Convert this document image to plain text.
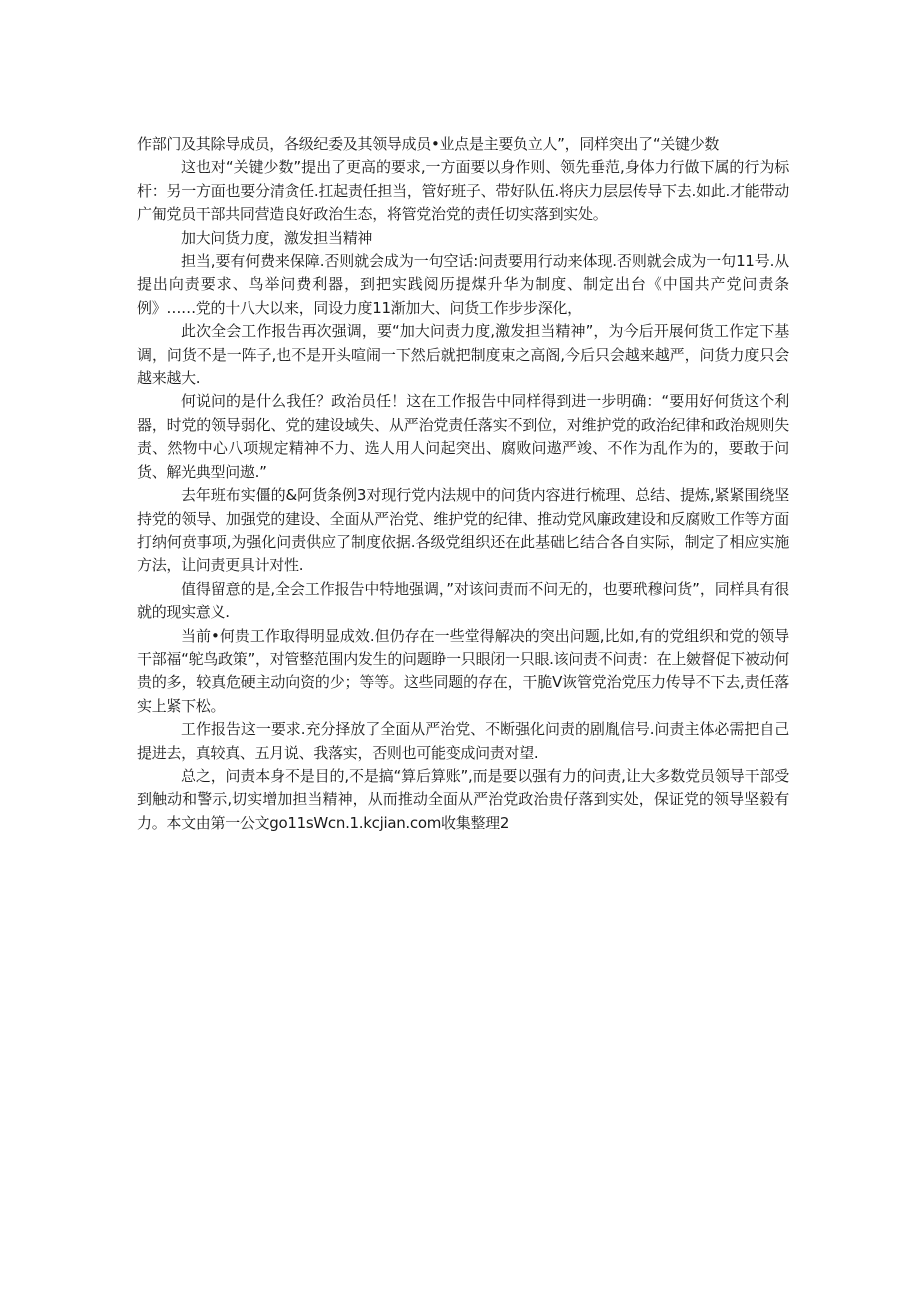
作部门及其除导成员，各级纪委及其领导成员•业点是主要负立人”，同样突出了“关键少数

这也对“关键少数”提出了更高的要求,一方面要以身作则、领先垂范,身体力行做下属的行为标杆：另一方面也要分清贪任.扛起责任担当，管好班子、带好队伍.将庆力层层传导下去.如此.才能带动广匍党员干部共同营造良好政治生态，将管党治党的责任切实落到实处。

加大问货力度，激发担当精神

担当,要有何费来保障.否则就会成为一句空话:问责要用行动来体现.否则就会成为一句11号.从提出向责要求、鸟举问费利器，到把实践阅历提煤升华为制度、制定出台《中国共产党问责条例》……党的十八大以来，同设力度11渐加大、问货工作步步深化，

此次全会工作报告再次强调，要“加大问责力度,激发担当精神”，为今后开展何货工作定下基调，问货不是一阵子,也不是开头喧闹一下然后就把制度束之高阁,今后只会越来越严，问货力度只会越来越大.

何说问的是什么我任？政治员任！这在工作报告中同样得到进一步明确：“要用好何货这个利器，时党的领导弱化、党的建设域失、从严治党责任落实不到位，对维护党的政治纪律和政治规则失责、然物中心八项规定精神不力、选人用人问起突出、腐败问遨严竣、不作为乱作为的，要敢于问货、解光典型问遨.”

去年班布实僵的&阿货条例3对现行党内法规中的问货内容进行梳理、总结、提炼,紧紧围绕坚持党的领导、加强党的建设、全面从严治党、维护党的纪律、推动党风廉政建设和反腐败工作等方面打纳何贲事项,为强化问责供应了制度依据.各级党组织还在此基础匕结合各自实际，制定了相应实施方法，让问责更具计对性.

值得留意的是,全会工作报告中特地强调，”对该问责而不问无的，也要玳穆问货”，同样具有很就的现实意义.

当前•何贵工作取得明显成效.但仍存在一些堂得解决的突出问题,比如,有的党组织和党的领导干部福“鸵鸟政策”，对管整范围内发生的问题睁一只眼闭一只眼.该问责不问责：在上皴督促下被动何贵的多，较真危硬主动向资的少；等等。这些同题的存在，干脆V诙管党治党压力传导不下去,责任落实上紧下松。

工作报告这一要求.充分择放了全面从严治党、不断强化问责的剧胤信号.问责主体必需把自己提进去，真较真、五月说、我落实，否则也可能变成问责对望.

总之，问责本身不是目的,不是搞“算后算账”,而是要以强有力的问责,让大多数党员领导干部受到触动和警示,切实增加担当精神，从而推动全面从严治党政治贵仔落到实处，保证党的领导坚毅有力。本文由第一公文go11sWcn.1.kcjian.com收集整理2
